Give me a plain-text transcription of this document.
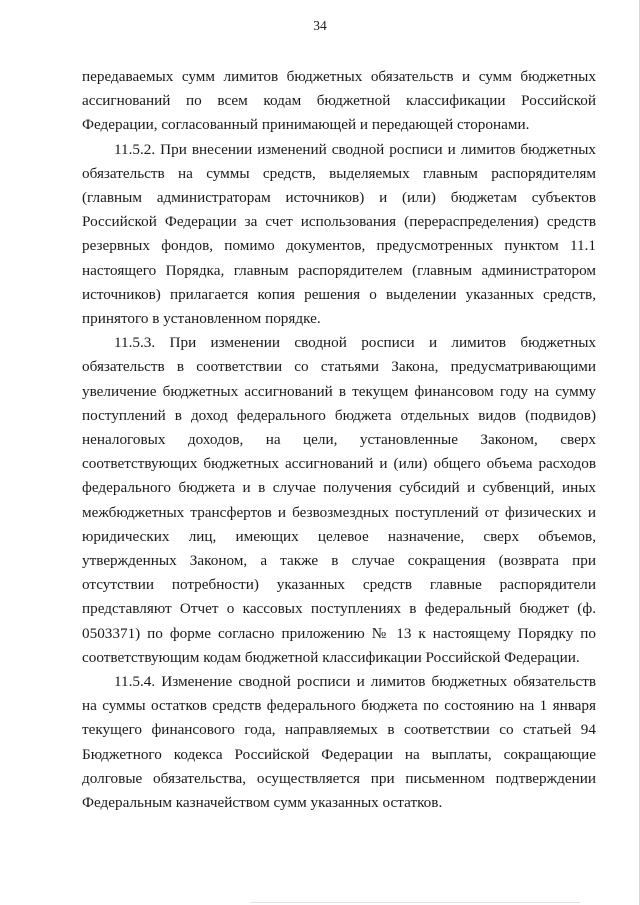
34

передаваемых сумм лимитов бюджетных обязательств и сумм бюджетных ассигнований по всем кодам бюджетной классификации Российской Федерации, согласованный принимающей и передающей сторонами.

11.5.2. При внесении изменений сводной росписи и лимитов бюджетных обязательств на суммы средств, выделяемых главным распорядителям (главным администраторам источников) и (или) бюджетам субъектов Российской Федерации за счет использования (перераспределения) средств резервных фондов, помимо документов, предусмотренных пунктом 11.1 настоящего Порядка, главным распорядителем (главным администратором источников) прилагается копия решения о выделении указанных средств, принятого в установленном порядке.

11.5.3. При изменении сводной росписи и лимитов бюджетных обязательств в соответствии со статьями Закона, предусматривающими увеличение бюджетных ассигнований в текущем финансовом году на сумму поступлений в доход федерального бюджета отдельных видов (подвидов) неналоговых доходов, на цели, установленные Законом, сверх соответствующих бюджетных ассигнований и (или) общего объема расходов федерального бюджета и в случае получения субсидий и субвенций, иных межбюджетных трансфертов и безвозмездных поступлений от физических и юридических лиц, имеющих целевое назначение, сверх объемов, утвержденных Законом, а также в случае сокращения (возврата при отсутствии потребности) указанных средств главные распорядители представляют Отчет о кассовых поступлениях в федеральный бюджет (ф. 0503371) по форме согласно приложению № 13 к настоящему Порядку по соответствующим кодам бюджетной классификации Российской Федерации.

11.5.4. Изменение сводной росписи и лимитов бюджетных обязательств на суммы остатков средств федерального бюджета по состоянию на 1 января текущего финансового года, направляемых в соответствии со статьей 94 Бюджетного кодекса Российской Федерации на выплаты, сокращающие долговые обязательства, осуществляется при письменном подтверждении Федеральным казначейством сумм указанных остатков.
